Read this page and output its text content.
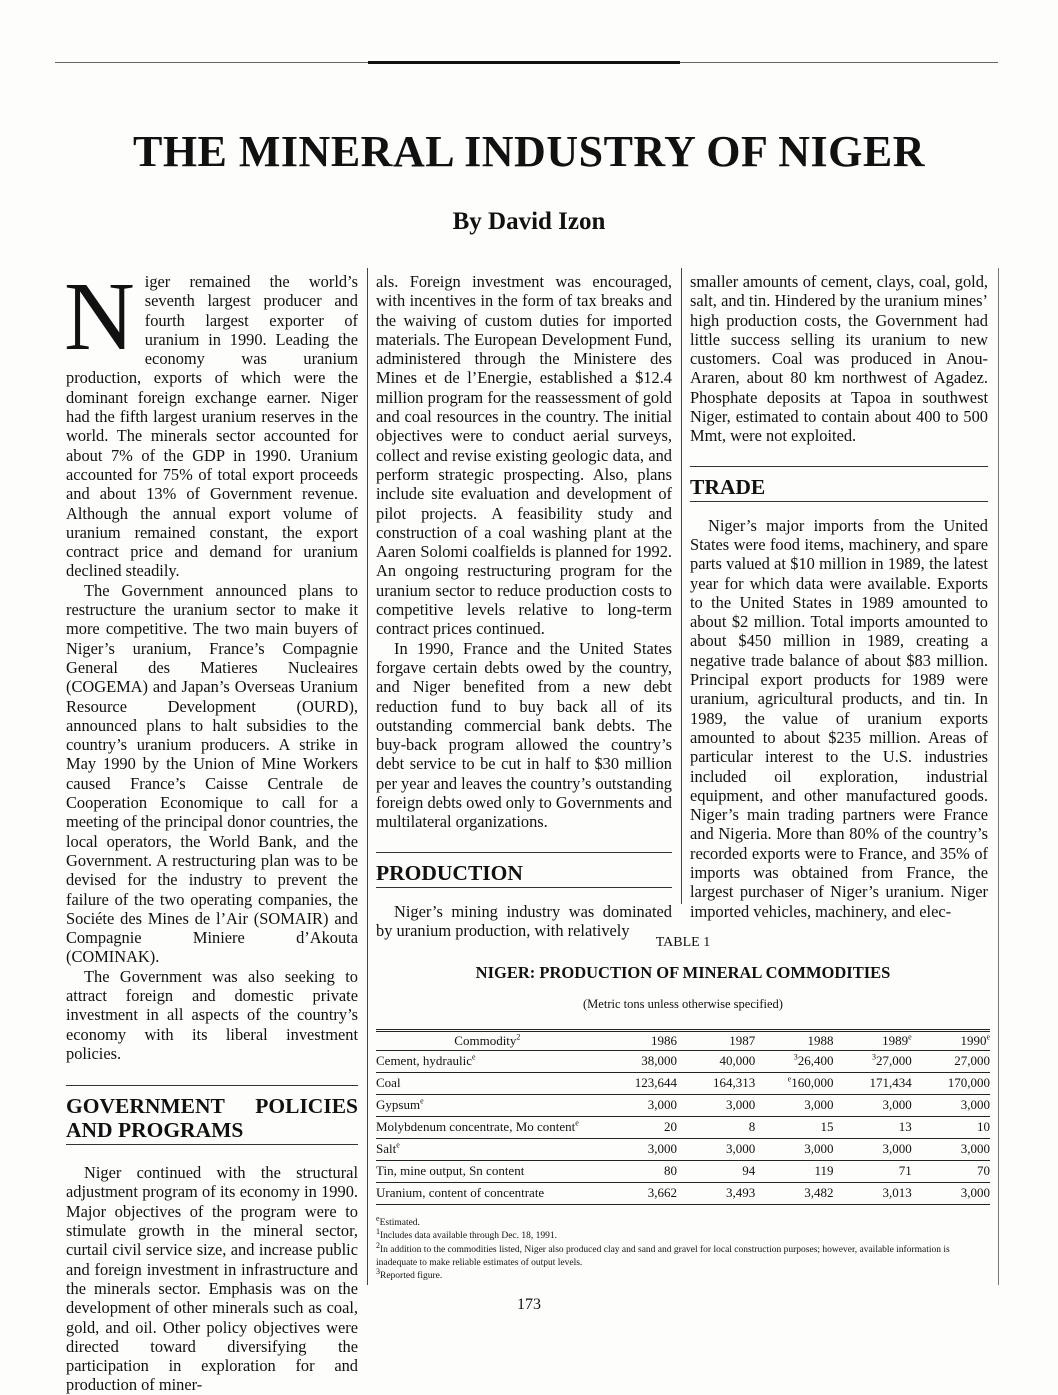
THE MINERAL INDUSTRY OF NIGER

By David Izon

Niger remained the world’s seventh largest producer and fourth largest exporter of uranium in 1990. Leading the economy was uranium production, exports of which were the dominant foreign exchange earner. Niger had the fifth largest uranium reserves in the world. The minerals sector accounted for about 7% of the GDP in 1990. Uranium accounted for 75% of total export proceeds and about 13% of Government revenue. Although the annual export volume of uranium remained constant, the export contract price and demand for uranium declined steadily.

The Government announced plans to restructure the uranium sector to make it more competitive. The two main buyers of Niger’s uranium, France’s Compagnie General des Matieres Nucleaires (COGEMA) and Japan’s Overseas Uranium Resource Development (OURD), announced plans to halt subsidies to the country’s uranium producers. A strike in May 1990 by the Union of Mine Workers caused France’s Caisse Centrale de Cooperation Economique to call for a meeting of the principal donor countries, the local operators, the World Bank, and the Government. A restructuring plan was to be devised for the industry to prevent the failure of the two operating companies, the Sociéte des Mines de l’Air (SOMAIR) and Compagnie Miniere d’Akouta (COMINAK).

The Government was also seeking to attract foreign and domestic private investment in all aspects of the country’s economy with its liberal investment policies.

GOVERNMENT POLICIES AND PROGRAMS

Niger continued with the structural adjustment program of its economy in 1990. Major objectives of the program were to stimulate growth in the mineral sector, curtail civil service size, and increase public and foreign investment in infrastructure and the minerals sector. Emphasis was on the development of other minerals such as coal, gold, and oil. Other policy objectives were directed toward diversifying the participation in exploration for and production of miner-

als. Foreign investment was encouraged, with incentives in the form of tax breaks and the waiving of custom duties for imported materials. The European Development Fund, administered through the Ministere des Mines et de l’Energie, established a $12.4 million program for the reassessment of gold and coal resources in the country. The initial objectives were to conduct aerial surveys, collect and revise existing geologic data, and perform strategic prospecting. Also, plans include site evaluation and development of pilot projects. A feasibility study and construction of a coal washing plant at the Aaren Solomi coalfields is planned for 1992. An ongoing restructuring program for the uranium sector to reduce production costs to competitive levels relative to long-term contract prices continued.

In 1990, France and the United States forgave certain debts owed by the country, and Niger benefited from a new debt reduction fund to buy back all of its outstanding commercial bank debts. The buy-back program allowed the country’s debt service to be cut in half to $30 million per year and leaves the country’s outstanding foreign debts owed only to Governments and multilateral organizations.

PRODUCTION

Niger’s mining industry was dominated by uranium production, with relatively

smaller amounts of cement, clays, coal, gold, salt, and tin. Hindered by the uranium mines’ high production costs, the Government had little success selling its uranium to new customers. Coal was produced in Anou-Araren, about 80 km northwest of Agadez. Phosphate deposits at Tapoa in southwest Niger, estimated to contain about 400 to 500 Mmt, were not exploited.

TRADE

Niger’s major imports from the United States were food items, machinery, and spare parts valued at $10 million in 1989, the latest year for which data were available. Exports to the United States in 1989 amounted to about $2 million. Total imports amounted to about $450 million in 1989, creating a negative trade balance of about $83 million. Principal export products for 1989 were uranium, agricultural products, and tin. In 1989, the value of uranium exports amounted to about $235 million. Areas of particular interest to the U.S. industries included oil exploration, industrial equipment, and other manufactured goods. Niger’s main trading partners were France and Nigeria. More than 80% of the country’s recorded exports were to France, and 35% of imports was obtained from France, the largest purchaser of Niger’s uranium. Niger imported vehicles, machinery, and elec-

TABLE 1

NIGER: PRODUCTION OF MINERAL COMMODITIES

(Metric tons unless otherwise specified)

Commodity$^2$	1986	1987	1988	1989e	1990e
Cement, hydraulic$^e$	38,000	40,000	$^3$26,400	$^3$27,000	27,000
Coal	123,644	164,313	$^e$160,000	171,434	170,000
Gypsum$^e$	3,000	3,000	3,000	3,000	3,000
Molybdenum concentrate, Mo content$^e$	20	8	15	13	10
Salt$^e$	3,000	3,000	3,000	3,000	3,000
Tin, mine output, Sn content	80	94	119	71	70
Uranium, content of concentrate	3,662	3,493	3,482	3,013	3,000

$^e$Estimated.

$^1$Includes data available through Dec. 18, 1991.

$^2$In addition to the commodities listed, Niger also produced clay and sand and gravel for local construction purposes; however, available information is inadequate to make reliable estimates of output levels.

$^3$Reported figure.

173
